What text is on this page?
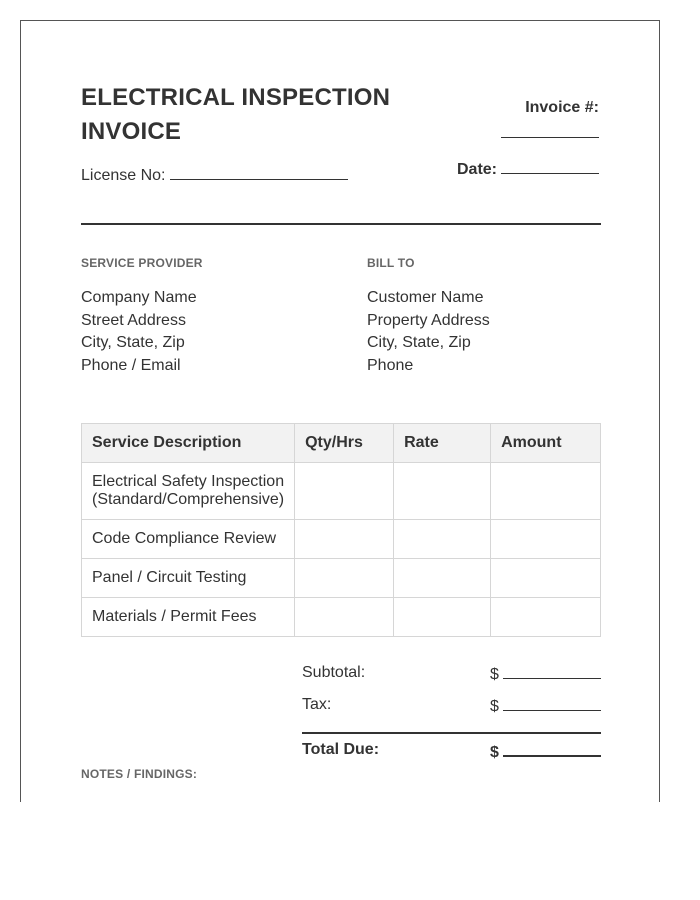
ELECTRICAL INSPECTION
INVOICE
License No:
Invoice #:
Date:
SERVICE PROVIDER	BILL TO
Company Name
Street Address
City, State, Zip
Phone / Email
Customer Name
Property Address
City, State, Zip
Phone
Service Description	Qty/Hrs	Rate	Amount

Electrical Safety Inspection
(Standard/Comprehensive)			

Code Compliance Review			
Panel / Circuit Testing			
Materials / Permit Fees			
Subtotal:	$
Tax:	$
Total Due:	$
NOTES / FINDINGS:
